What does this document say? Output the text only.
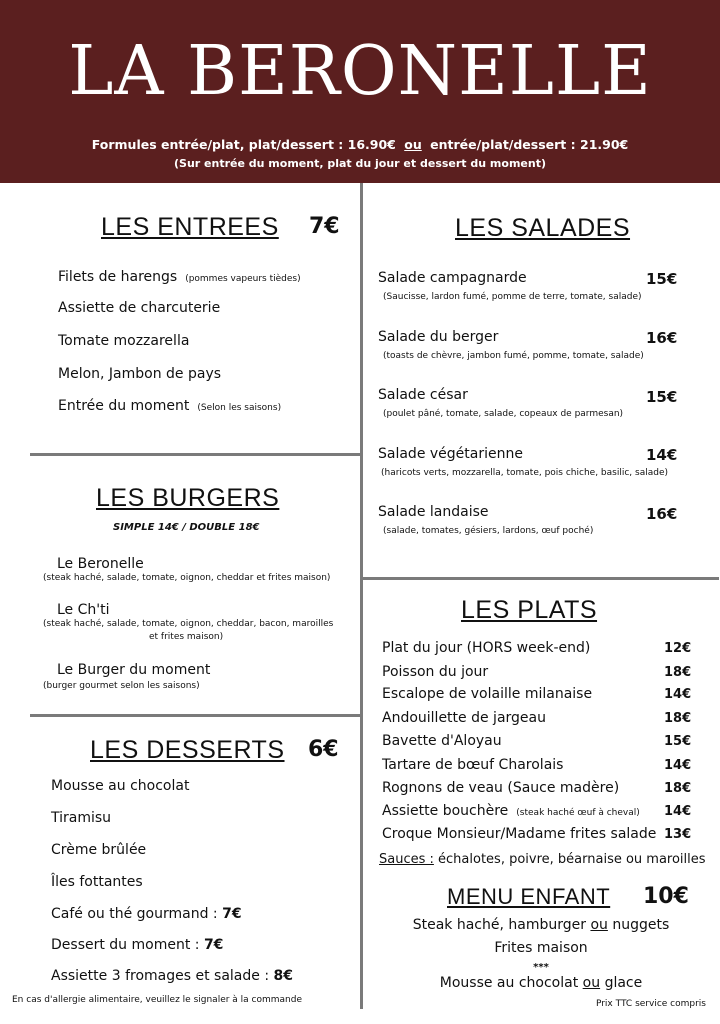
LA BERONELLE
Formules entrée/plat, plat/dessert : 16.90€ ou entrée/plat/dessert : 21.90€
(Sur entrée du moment, plat du jour et dessert du moment)
LES ENTREES 7€
Filets de harengs (pommes vapeurs tièdes)
Assiette de charcuterie
Tomate mozzarella
Melon, Jambon de pays
Entrée du moment (Selon les saisons)
LES SALADES
Salade campagnarde	15€
(Saucisse, lardon fumé, pomme de terre, tomate, salade)
Salade du berger	16€
(toasts de chèvre, jambon fumé, pomme, tomate, salade)
Salade césar	15€
(poulet pâné, tomate, salade, copeaux de parmesan)
Salade végétarienne	14€
(haricots verts, mozzarella, tomate, pois chiche, basilic, salade)
Salade landaise	16€
(salade, tomates, gésiers, lardons, œuf poché)
LES BURGERS
SIMPLE 14€ / DOUBLE 18€
Le Beronelle
(steak haché, salade, tomate, oignon, cheddar et frites maison)
Le Ch'ti
(steak haché, salade, tomate, oignon, cheddar, bacon, maroilles
et frites maison)
Le Burger du moment
(burger gourmet selon les saisons)
LES PLATS
Plat du jour (HORS week-end)	12€
Poisson du jour	18€
Escalope de volaille milanaise	14€
Andouillette de jargeau	18€
Bavette d'Aloyau	15€
Tartare de bœuf Charolais	14€
Rognons de veau (Sauce madère)	18€
Assiette bouchère (steak haché œuf à cheval) 14€
Croque Monsieur/Madame frites salade 13€
Sauces : échalotes, poivre, béarnaise ou maroilles
MENU ENFANT 10€
Steak haché, hamburger ou nuggets
Frites maison
***
Mousse au chocolat ou glace
LES DESSERTS 6€
Mousse au chocolat
Tiramisu
Crème brûlée
Îles fottantes
Café ou thé gourmand : 7€
Dessert du moment : 7€
Assiette 3 fromages et salade : 8€
En cas d'allergie alimentaire, veuillez le signaler à la commande	Prix TTC service compris
